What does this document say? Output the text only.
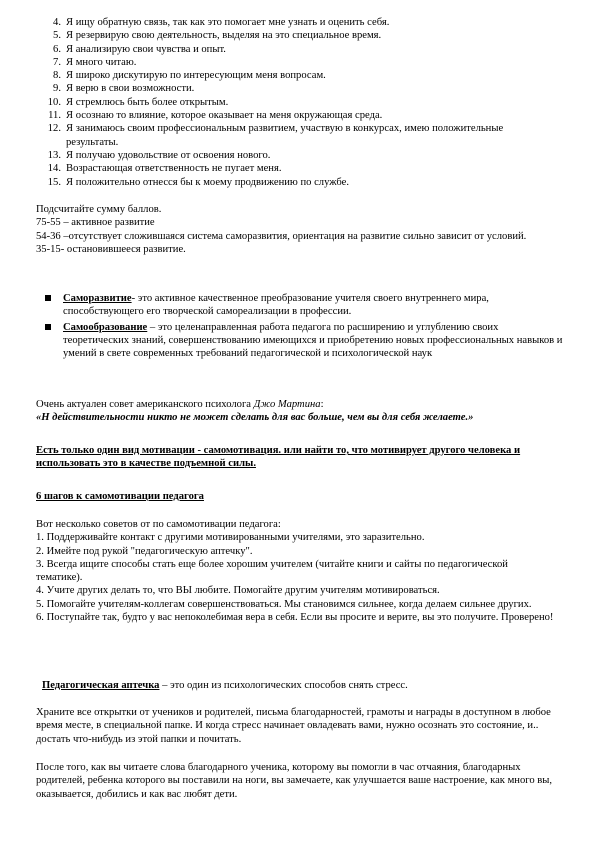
4. Я ищу обратную связь, так как это помогает мне узнать и оценить себя.
5. Я резервирую свою деятельность, выделяя на это специальное время.
6. Я анализирую свои чувства и опыт.
7. Я много читаю.
8. Я широко дискутирую по интересующим меня вопросам.
9. Я верю в свои возможности.
10. Я стремлюсь быть более открытым.
11. Я осознаю то влияние, которое оказывает на меня окружающая среда.
12. Я занимаюсь своим профессиональным развитием, участвую в конкурсах, имею положительные результаты.
13. Я получаю удовольствие от освоения нового.
14. Возрастающая ответственность не пугает меня.
15. Я положительно отнесся бы к моему продвижению по службе.
Подсчитайте сумму баллов.
75-55 – активное развитие
54-36 –отсутствует сложившаяся система саморазвития, ориентация на развитие сильно зависит от условий.
35-15- остановившееся развитие.
Саморазвитие- это активное качественное преобразование учителя своего внутреннего мира, способствующего его творческой самореализации в профессии.
Самообразование – это целенаправленная работа педагога по расширению и углублению своих теоретических знаний, совершенствованию имеющихся и приобретению новых профессиональных навыков и умений в свете современных требований педагогической и психологической наук
Очень актуален совет американского психолога Джо Мартина:
«Н действительности никто не может сделать для вас больше, чем вы для себя желаете.»
Есть только один вид мотивации - самомотивация. или найти то, что мотивирует другого человека и использовать это в качестве подъемной силы.
6 шагов к самомотивации педагога
Вот несколько советов от по самомотивации педагога:
1. Поддерживайте контакт с другими мотивированными учителями, это заразительно.
2. Имейте под рукой "педагогическую аптечку".
3. Всегда ищите способы стать еще более хорошим учителем (читайте книги и сайты по педагогической тематике).
4. Учите других делать то, что ВЫ любите. Помогайте другим учителям мотивироваться.
5. Помогайте учителям-коллегам совершенствоваться. Мы становимся сильнее, когда делаем сильнее других.
6. Поступайте так, будто у вас непоколебимая вера в себя. Если вы просите и верите, вы это получите. Проверено!
Педагогическая аптечка – это один из психологических способов снять стресс.
Храните все открытки от учеников и родителей, письма благодарностей, грамоты и награды в доступном в любое время месте, в специальной папке. И когда стресс начинает овладевать вами, нужно осознать это состояние, и.. достать что-нибудь из этой папки и почитать.
После того, как вы читаете слова благодарного ученика, которому вы помогли в час отчаяния, благодарных родителей, ребенка которого вы поставили на ноги, вы замечаете, как улучшается ваше настроение, как много вы, оказывается, добились и как вас любят дети.
